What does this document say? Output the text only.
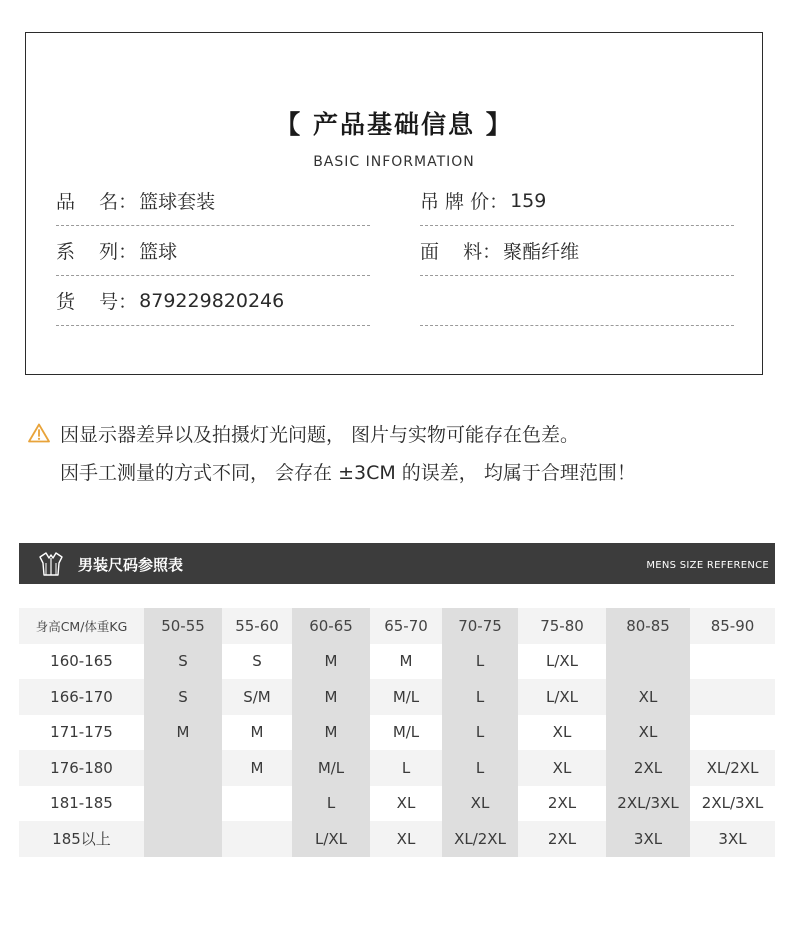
【 产品基础信息 】
BASIC INFORMATION
品    名： 篮球套装
系    列： 篮球
货    号： 879229820246
吊 牌 价： 159
面    料： 聚酯纤维
因显示器差异以及拍摄灯光问题， 图片与实物可能存在色差。
因手工测量的方式不同， 会存在 ±3CM 的误差， 均属于合理范围！
男装尺码参照表	MENS SIZE REFERENCE
身高CM/体重KG	50-55	55-60	60-65	65-70	70-75	75-80	80-85	85-90
160-165	S	S	M	M	L	L/XL		
166-170	S	S/M	M	M/L	L	L/XL	XL	
171-175	M	M	M	M/L	L	XL	XL	
176-180		M	M/L	L	L	XL	2XL	XL/2XL
181-185			L	XL	XL	2XL	2XL/3XL	2XL/3XL
185以上			L/XL	XL	XL/2XL	2XL	3XL	3XL
